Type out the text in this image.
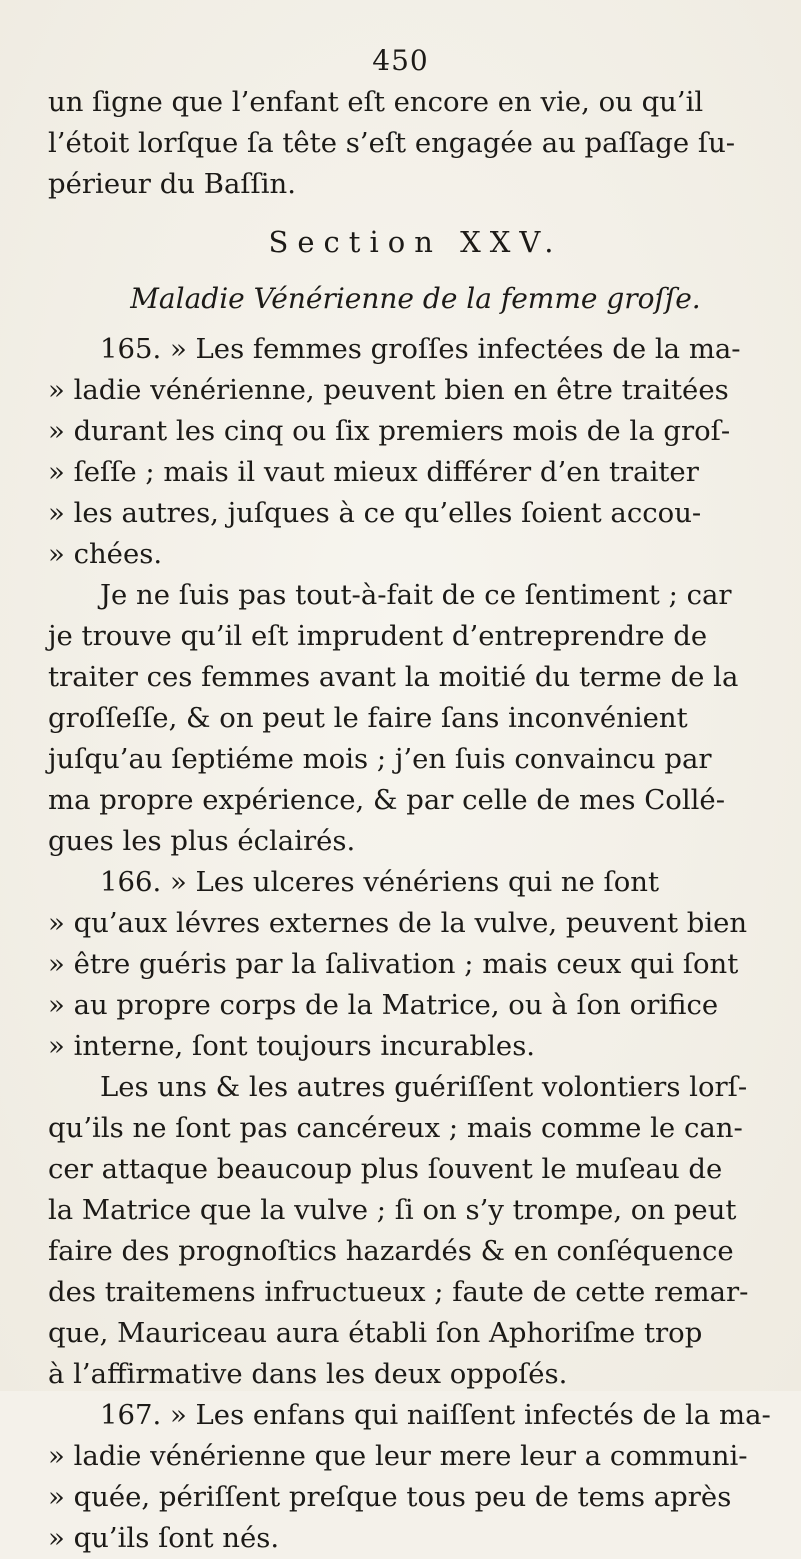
450
un ſigne que l’enfant eſt encore en vie, ou qu’il
l’étoit lorſque ſa tête s’eſt engagée au paſſage ſu-
périeur du Baſſin.
Section XXV.
Maladie Vénérienne de la femme groſſe.
165. » Les femmes groſſes infectées de la ma-
» ladie vénérienne, peuvent bien en être traitées
» durant les cinq ou ſix premiers mois de la groſ-
» ſeſſe ; mais il vaut mieux différer d’en traiter
» les autres, juſques à ce qu’elles ſoient accou-
» chées.
Je ne ſuis pas tout-à-fait de ce ſentiment ; car
je trouve qu’il eſt imprudent d’entreprendre de
traiter ces femmes avant la moitié du terme de la
groſſeſſe, & on peut le faire ſans inconvénient
juſqu’au ſeptiéme mois ; j’en ſuis convaincu par
ma propre expérience, & par celle de mes Collé-
gues les plus éclairés.
166. » Les ulceres vénériens qui ne ſont
» qu’aux lévres externes de la vulve, peuvent bien
» être guéris par la ſalivation ; mais ceux qui ſont
» au propre corps de la Matrice, ou à ſon orifice
» interne, ſont toujours incurables.
Les uns & les autres guériſſent volontiers lorſ-
qu’ils ne ſont pas cancéreux ; mais comme le can-
cer attaque beaucoup plus ſouvent le muſeau de
la Matrice que la vulve ; ſi on s’y trompe, on peut
faire des prognoſtics hazardés & en conſéquence
des traitemens infructueux ; faute de cette remar-
que, Mauriceau aura établi ſon Aphoriſme trop
à l’affirmative dans les deux oppoſés.
167. » Les enfans qui naiſſent infectés de la ma-
» ladie vénérienne que leur mere leur a communi-
» quée, périſſent preſque tous peu de tems après
» qu’ils ſont nés.
